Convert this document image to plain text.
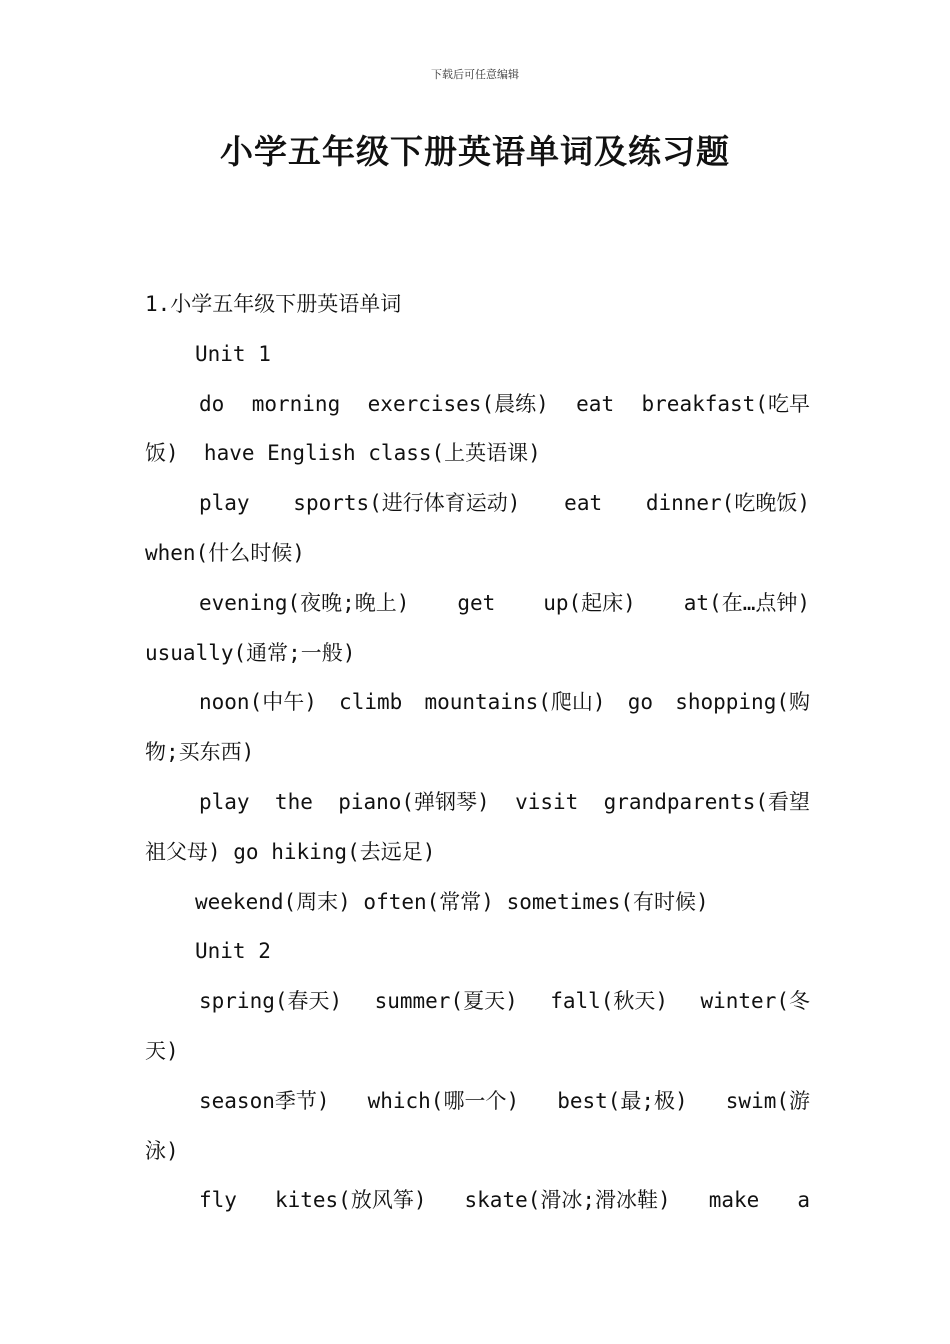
下载后可任意编辑
小学五年级下册英语单词及练习题
1.小学五年级下册英语单词
Unit 1
do morning exercises(晨练) eat breakfast(吃早
饭)  have English class(上英语课)
play sports(进行体育运动) eat dinner(吃晚饭)
when(什么时候)
evening(夜晚;晚上) get up(起床) at(在…点钟)
usually(通常;一般)
noon(中午) climb mountains(爬山) go shopping(购
物;买东西)
play the piano(弹钢琴) visit grandparents(看望
祖父母) go hiking(去远足)
weekend(周末) often(常常) sometimes(有时候)
Unit 2
spring(春天) summer(夏天) fall(秋天) winter(冬
天)
season季节) which(哪一个) best(最;极) swim(游
泳)
fly kites(放风筝) skate(滑冰;滑冰鞋) make a
